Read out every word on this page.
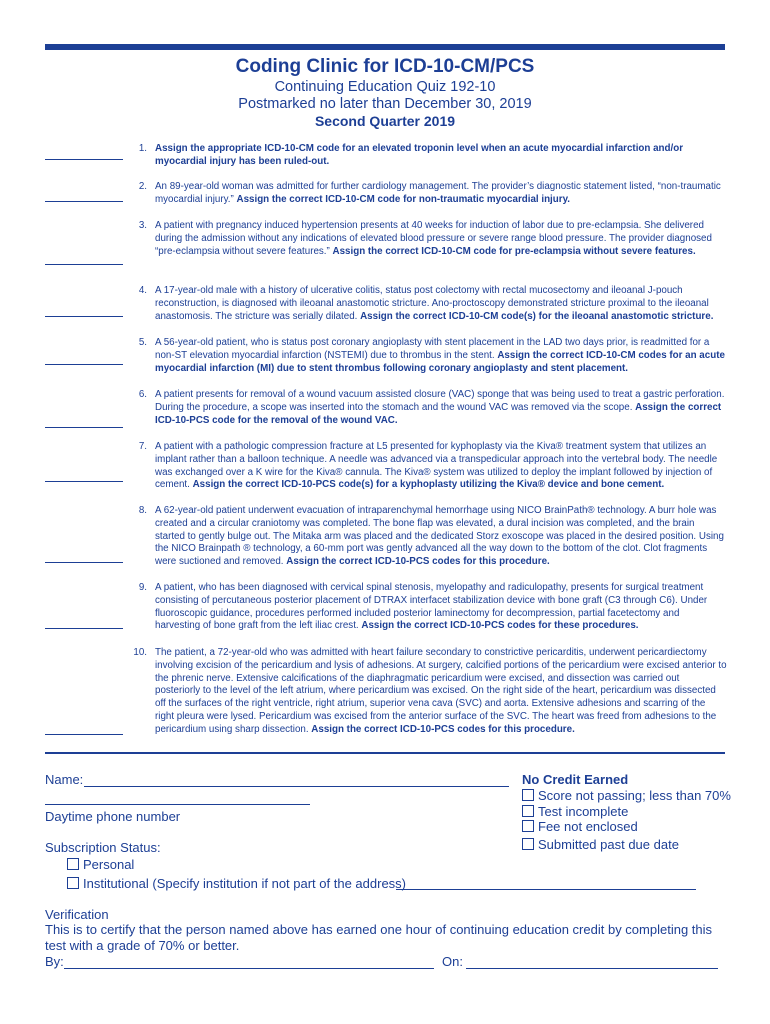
Coding Clinic for ICD-10-CM/PCS
Continuing Education Quiz 192-10
Postmarked no later than December 30, 2019
Second Quarter 2019
1. Assign the appropriate ICD-10-CM code for an elevated troponin level when an acute myocardial infarction and/or myocardial injury has been ruled-out.
2. An 89-year-old woman was admitted for further cardiology management. The provider’s diagnostic statement listed, “non-traumatic myocardial injury.” Assign the correct ICD-10-CM code for non-traumatic myocardial injury.
3. A patient with pregnancy induced hypertension presents at 40 weeks for induction of labor due to pre-eclampsia. She delivered during the admission without any indications of elevated blood pressure or severe range blood pressure. The provider diagnosed “pre-eclampsia without severe features.” Assign the correct ICD-10-CM code for pre-eclampsia without severe features.
4. A 17-year-old male with a history of ulcerative colitis, status post colectomy with rectal mucosectomy and ileoanal J-pouch reconstruction, is diagnosed with ileoanal anastomotic stricture. Ano-proctoscopy demonstrated stricture proximal to the ileoanal anastomosis. The stricture was serially dilated. Assign the correct ICD-10-CM code(s) for the ileoanal anastomotic stricture.
5. A 56-year-old patient, who is status post coronary angioplasty with stent placement in the LAD two days prior, is readmitted for a non-ST elevation myocardial infarction (NSTEMI) due to thrombus in the stent. Assign the correct ICD-10-CM codes for an acute myocardial infarction (MI) due to stent thrombus following coronary angioplasty and stent placement.
6. A patient presents for removal of a wound vacuum assisted closure (VAC) sponge that was being used to treat a gastric perforation. During the procedure, a scope was inserted into the stomach and the wound VAC was removed via the scope. Assign the correct ICD-10-PCS code for the removal of the wound VAC.
7. A patient with a pathologic compression fracture at L5 presented for kyphoplasty via the Kiva® treatment system that utilizes an implant rather than a balloon technique. A needle was advanced via a transpedicular approach into the vertebral body. The needle was exchanged over a K wire for the Kiva® cannula. The Kiva® system was utilized to deploy the implant followed by injection of cement. Assign the correct ICD-10-PCS code(s) for a kyphoplasty utilizing the Kiva® device and bone cement.
8. A 62-year-old patient underwent evacuation of intraparenchymal hemorrhage using NICO BrainPath® technology. A burr hole was created and a circular craniotomy was completed. The bone flap was elevated, a dural incision was completed, and the brain started to gently bulge out. The Mitaka arm was placed and the dedicated Storz exoscope was placed in the desired position. Using the NICO Brainpath ® technology, a 60-mm port was gently advanced all the way down to the bottom of the clot. Clot fragments were suctioned and removed. Assign the correct ICD-10-PCS codes for this procedure.
9. A patient, who has been diagnosed with cervical spinal stenosis, myelopathy and radiculopathy, presents for surgical treatment consisting of percutaneous posterior placement of DTRAX interfacet stabilization device with bone graft (C3 through C6). Under fluoroscopic guidance, procedures performed included posterior laminectomy for decompression, partial facetectomy and harvesting of bone graft from the left iliac crest. Assign the correct ICD-10-PCS codes for these procedures.
10. The patient, a 72-year-old who was admitted with heart failure secondary to constrictive pericarditis, underwent pericardiectomy involving excision of the pericardium and lysis of adhesions. At surgery, calcified portions of the pericardium were excised anterior to the phrenic nerve. Extensive calcifications of the diaphragmatic pericardium were excised, and dissection was carried out posteriorly to the level of the left atrium, where pericardium was excised. On the right side of the heart, pericardium was dissected off the surfaces of the right ventricle, right atrium, superior vena cava (SVC) and aorta. Extensive adhesions and scarring of the right pleura were lysed. Pericardium was excised from the anterior surface of the SVC. The heart was freed from adhesions to the pericardium using sharp dissection. Assign the correct ICD-10-PCS codes for this procedure.
Name:
Daytime phone number
Subscription Status:
Personal
Institutional (Specify institution if not part of the address)
No Credit Earned
Score not passing; less than 70%
Test incomplete
Fee not enclosed
Submitted past due date
Verification
This is to certify that the person named above has earned one hour of continuing education credit by completing this test with a grade of 70% or better.
By:	On:
